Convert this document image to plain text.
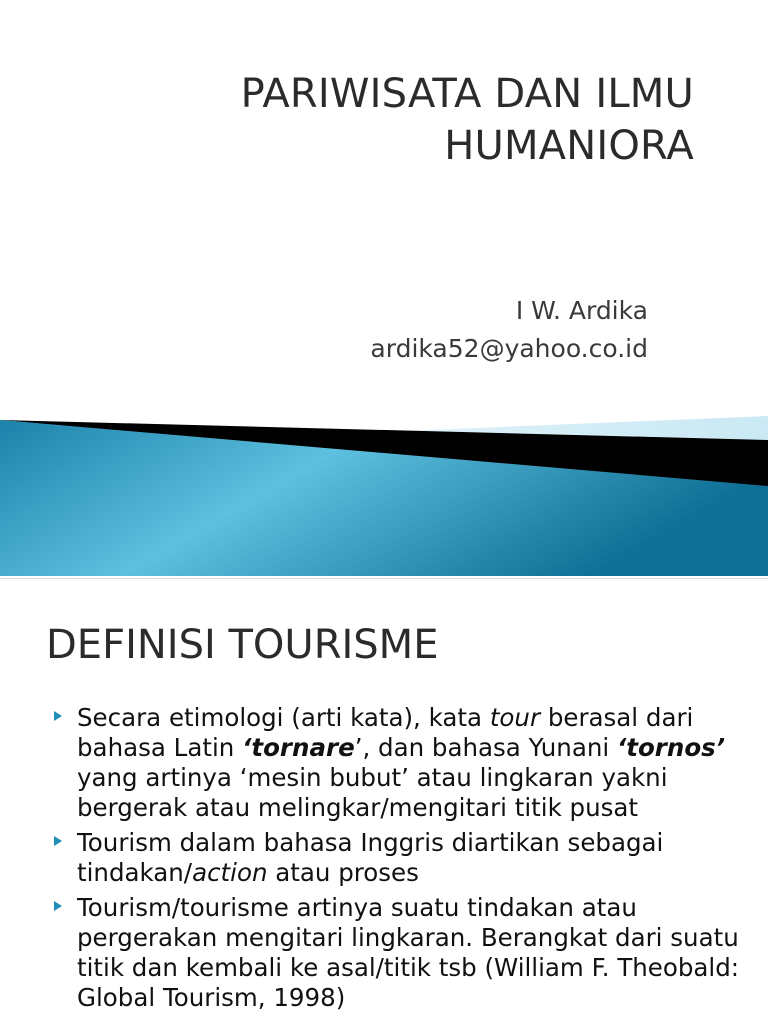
PARIWISATA DAN ILMU
HUMANIORA
I W. Ardika
ardika52@yahoo.co.id
DEFINISI TOURISME
Secara etimologi (arti kata), kata tour berasal dari bahasa Latin ‘tornare’, dan bahasa Yunani ‘tornos’ yang artinya ‘mesin bubut’ atau lingkaran yakni bergerak atau melingkar/mengitari titik pusat
Tourism dalam bahasa Inggris diartikan sebagai tindakan/action atau proses
Tourism/tourisme artinya suatu tindakan atau pergerakan mengitari lingkaran. Berangkat dari suatu titik dan kembali ke asal/titik tsb (William F. Theobald: Global Tourism, 1998)
